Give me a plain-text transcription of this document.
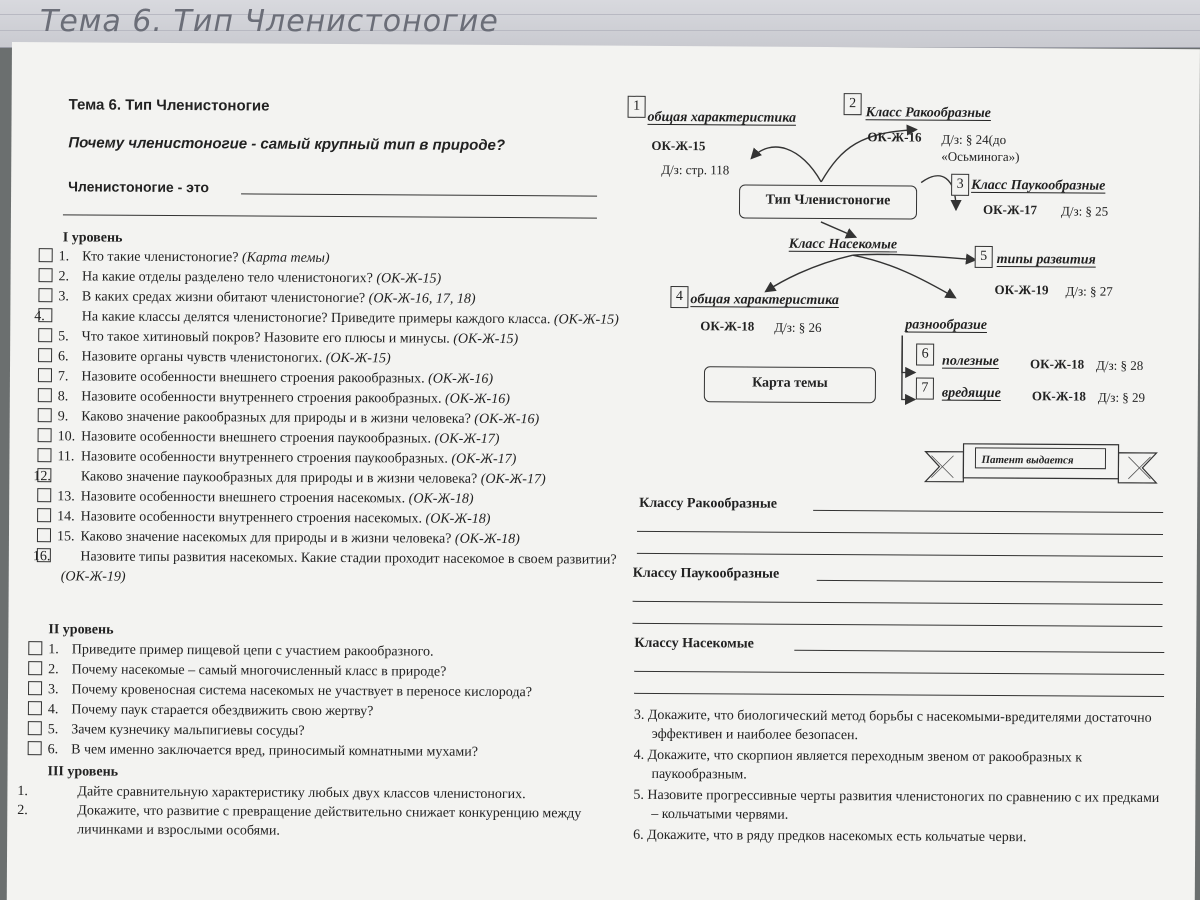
Тема 6. Тип Членистоногие
Тема 6. Тип Членистоногие
Почему членистоногие - самый крупный тип в природе?
Членистоногие - это
I уровень
1. Кто такие членистоногие? (Карта темы)
2. На какие отделы разделено тело членистоногих? (ОК-Ж-15)
3. В каких средах жизни обитают членистоногие? (ОК-Ж-16, 17, 18)
4.	На какие классы делятся членистоногие? Приведите примеры каждого класса. (ОК-Ж-15)
5. Что такое хитиновый покров? Назовите его плюсы и минусы. (ОК-Ж-15)
6. Назовите органы чувств членистоногих. (ОК-Ж-15)
7. Назовите особенности внешнего строения ракообразных. (ОК-Ж-16)
8. Назовите особенности внутреннего строения ракообразных. (ОК-Ж-16)
9. Каково значение ракообразных для природы и в жизни человека? (ОК-Ж-16)
10. Назовите особенности внешнего строения паукообразных. (ОК-Ж-17)
11. Назовите особенности внутреннего строения паукообразных. (ОК-Ж-17)
12. Каково значение паукообразных для природы и в жизни человека? (ОК-Ж-17)
13. Назовите особенности внешнего строения насекомых. (ОК-Ж-18)
14. Назовите особенности внутреннего строения насекомых. (ОК-Ж-18)
15. Каково значение насекомых для природы и в жизни человека? (ОК-Ж-18)
16. Назовите типы развития насекомых. Какие стадии проходит насекомое в своем развитии? (ОК-Ж-19)
II уровень
1. Приведите пример пищевой цепи с участием ракообразного.
2. Почему насекомые – самый многочисленный класс в природе?
3. Почему кровеносная система насекомых не участвует в переносе кислорода?
4. Почему паук старается обездвижить свою жертву?
5. Зачем кузнечику мальпигиевы сосуды?
6. В чем именно заключается вред, приносимый комнатными мухами?
III уровень
1.	Дайте сравнительную характеристику любых двух классов членистоногих.
2.	Докажите, что развитие с превращение действительно снижает конкуренцию между личинками и взрослыми особями.
1
общая характеристика
ОК-Ж-15
Д/з: стр. 118
2
Класс Ракообразные
ОК-Ж-16 Д/з: § 24(до
«Осьминога»)
Тип Членистоногие
3 Класс Паукообразные
ОК-Ж-17 Д/з: § 25
Класс Насекомые
5 типы развития
ОК-Ж-19 Д/з: § 27
4 общая характеристика
ОК-Ж-18 Д/з: § 26	разнообразие
6 полезные ОК-Ж-18 Д/з: § 28
7 вредящие ОК-Ж-18 Д/з: § 29
Карта темы
Патент выдается
Классу Ракообразные
Классу Паукообразные
Классу Насекомые
3. Докажите, что биологический метод борьбы с насекомыми-вредителями достаточно эффективен и наиболее безопасен.
4. Докажите, что скорпион является переходным звеном от ракообразных к паукообразным.
5. Назовите прогрессивные черты развития членистоногих по сравнению с их предками – кольчатыми червями.
6. Докажите, что в ряду предков насекомых есть кольчатые черви.
